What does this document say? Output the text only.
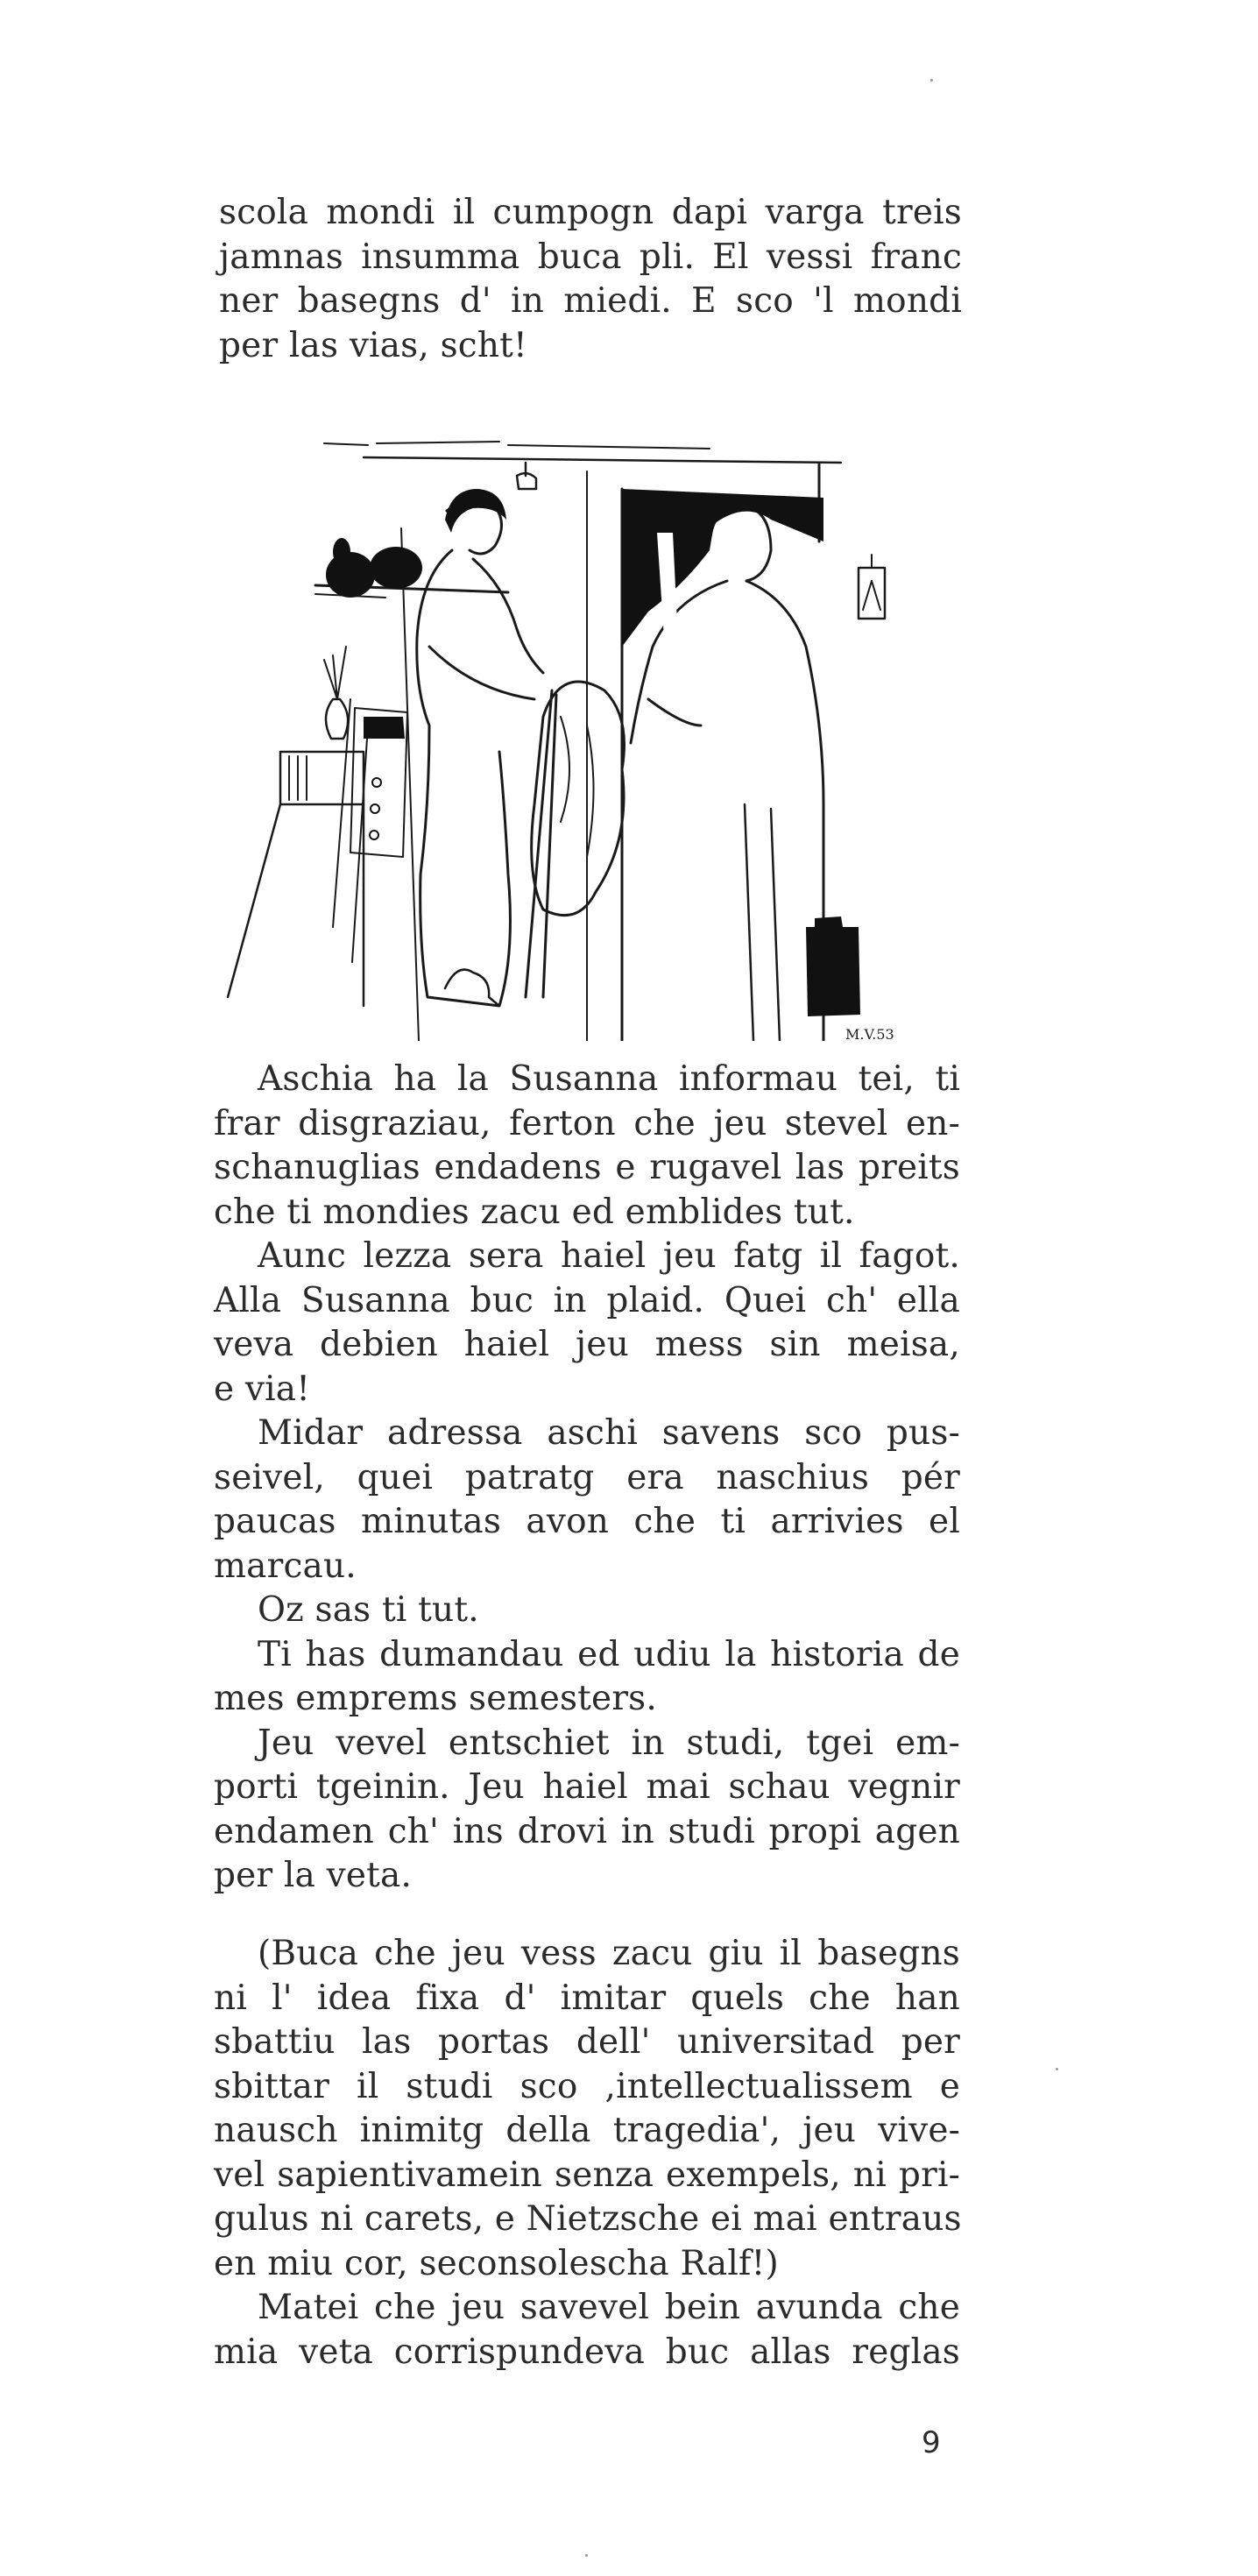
scola mondi il cumpogn dapi varga treis
jamnas insumma buca pli. El vessi franc
ner basegns d' in miedi. E sco 'l mondi
per las vias, scht!
M.V.53
Aschia ha la Susanna informau tei, ti
frar disgraziau, ferton che jeu stevel en-
schanuglias endadens e rugavel las preits
che ti mondies zacu ed emblides tut.
Aunc lezza sera haiel jeu fatg il fagot.
Alla Susanna buc in plaid. Quei ch' ella
veva debien haiel jeu mess sin meisa,
e via!
Midar adressa aschi savens sco pus-
seivel, quei patratg era naschius pér
paucas minutas avon che ti arrivies el
marcau.
Oz sas ti tut.
Ti has dumandau ed udiu la historia de
mes emprems semesters.
Jeu vevel entschiet in studi, tgei em-
porti tgeinin. Jeu haiel mai schau vegnir
endamen ch' ins drovi in studi propi agen
per la veta.
(Buca che jeu vess zacu giu il basegns
ni l' idea fixa d' imitar quels che han
sbattiu las portas dell' universitad per
sbittar il studi sco ,intellectualissem e
nausch inimitg della tragedia', jeu vive-
vel sapientivamein senza exempels, ni pri-
gulus ni carets, e Nietzsche ei mai entraus
en miu cor, seconsolescha Ralf!)
Matei che jeu savevel bein avunda che
mia veta corrispundeva buc allas reglas
9
